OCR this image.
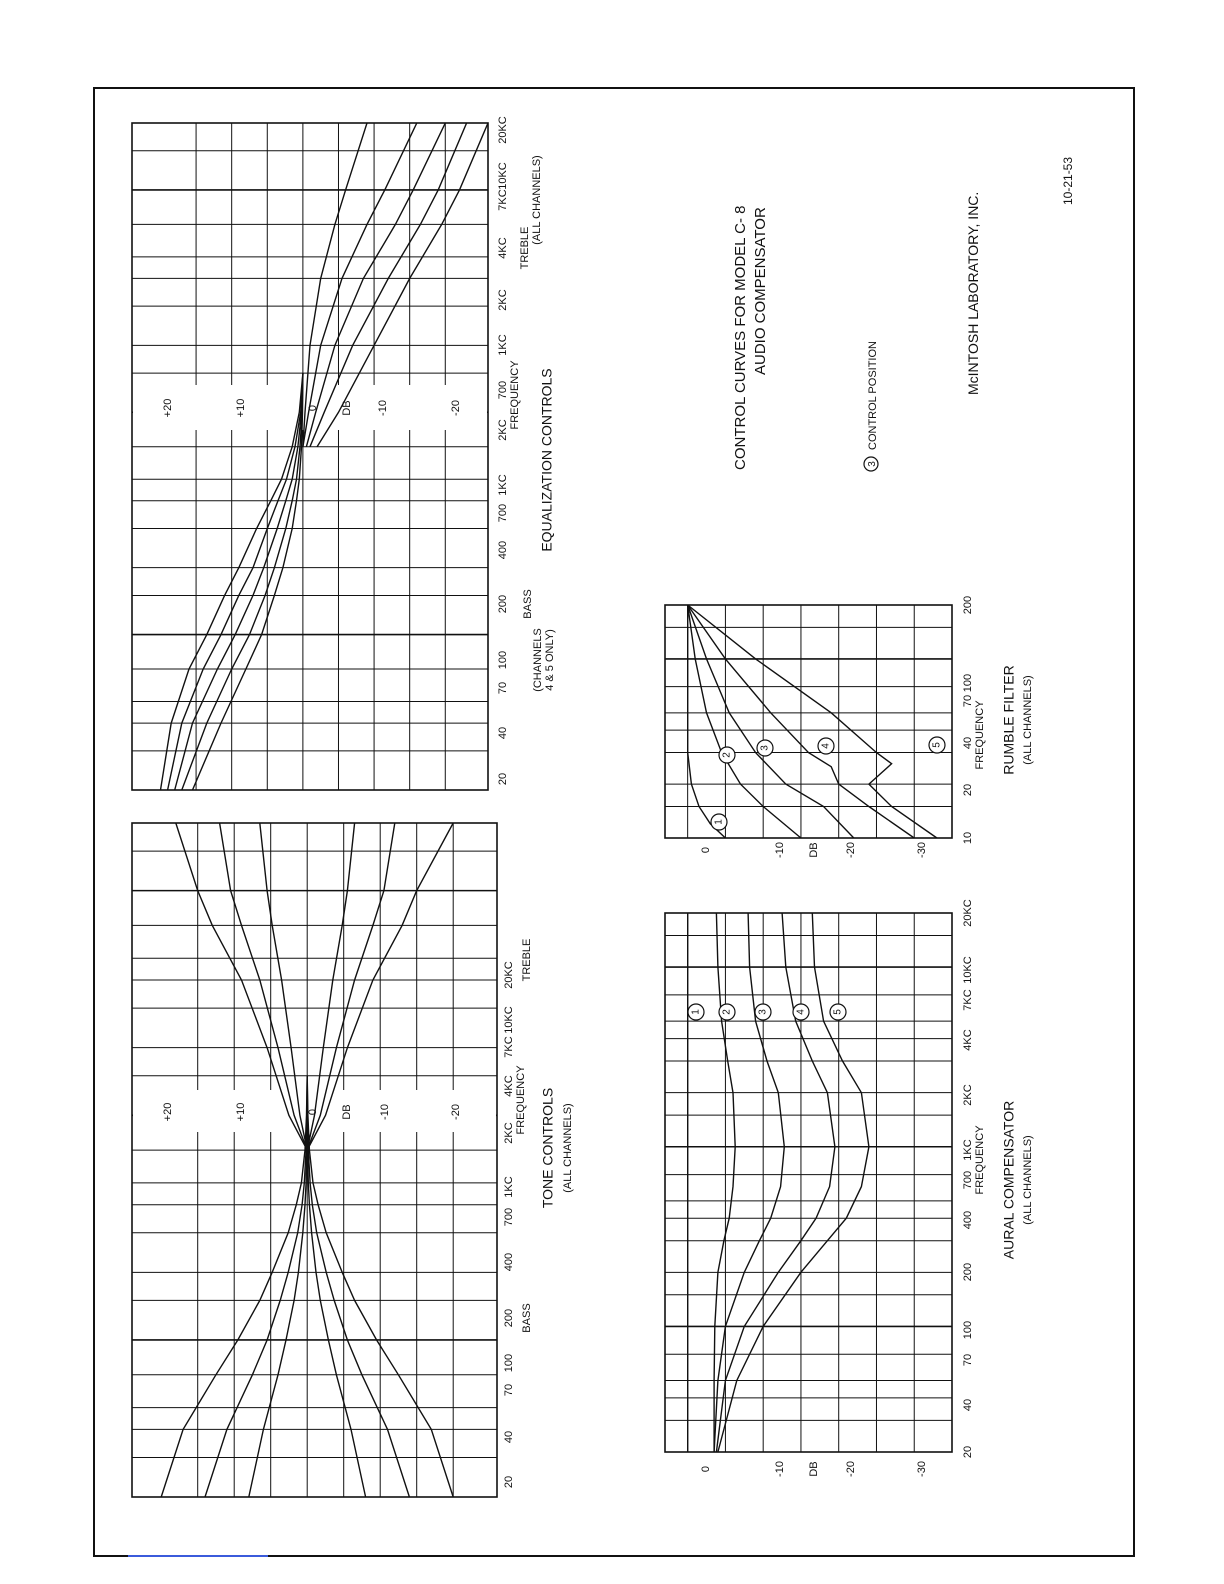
20
40
70
100
200
400
700
1KC
2KC
4KC
7KC
10KC
20KC
+20	+10	0 DB -10	-20
BASS
FREQUENCY
TREBLE
TONE CONTROLS (ALL CHANNELS)
20
40
70
100
200
400
700
1KC
2KC
700
1KC
2KC
4KC
7KC
10KC
20KC
+20	+10	0 DB -10	-20
(CHANNELS 4 & 5 ONLY)
BASS
FREQUENCY
TREBLE
(ALL CHANNELS)
EQUALIZATION CONTROLS
20
40
70
100
200
400
700
1KC
2KC
4KC
7KC
10KC
20KC
0	-10 DB -20	-30
FREQUENCY AURAL COMPENSATOR (ALL CHANNELS)
1 2	3	4	5
10
20
40
70
100
200
0	-10 DB -20	-30
FREQUENCY RUMBLE FILTER (ALL CHANNELS)
1
2
3	4	5
CONTROL CURVES FOR MODEL C- 8 AUDIO COMPENSATOR
3
CONTROL POSITION
McINTOSH LABORATORY, INC.
10-21-53
